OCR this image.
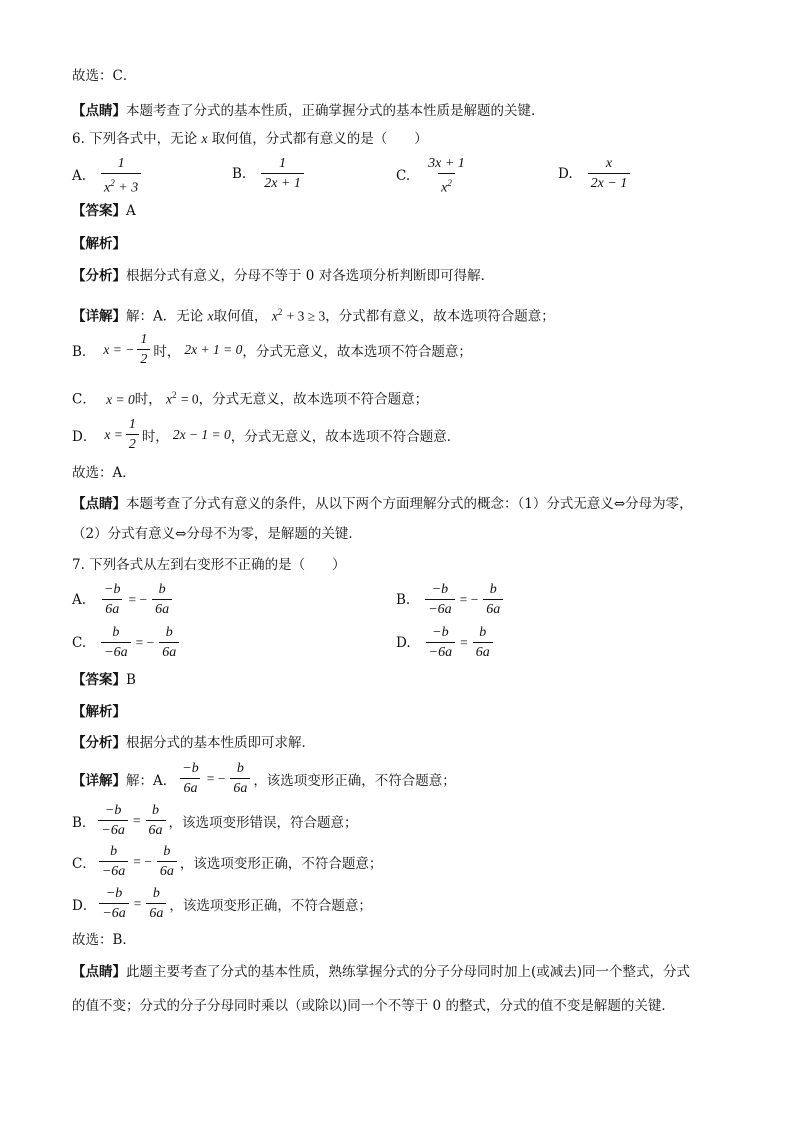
故选：C．
【点睛】本题考查了分式的基本性质，正确掌握分式的基本性质是解题的关键．
6. 下列各式中，无论 x 取何值，分式都有意义的是（　　）
A. $\frac{1}{x^2 + 3}$	B. $\frac{1}{2x + 1}$	C. $\frac{3x + 1}{x^2}$	D. $\frac{x}{2x - 1}$
【答案】A
【解析】
【分析】根据分式有意义，分母不等于 0 对各选项分析判断即可得解．
【详解】解：A．无论 x取何值， $x^2 + 3 \ge 3$，分式都有意义，故本选项符合题意；
B． x = − $\frac{1}{2}$ 时， 2x + 1 = 0 ，分式无意义，故本选项不符合题意；
C． x = 0时， $x^2 = 0$，分式无意义，故本选项不符合题意；
D． $x = \frac{1}{2}$ 时， 2x − 1 = 0 ，分式无意义，故本选项不符合题意．
故选：A．
【点睛】本题考查了分式有意义的条件，从以下两个方面理解分式的概念：（1）分式无意义⇔分母为零，
（2）分式有意义⇔分母不为零，是解题的关键．
7. 下列各式从左到右变形不正确的是（　　）
A. $\frac{-b}{6a}$ = − $\frac{b}{6a}$	B. $\frac{-b}{-6a}$ = − $\frac{b}{6a}$
C. $\frac{b}{-6a}$ = − $\frac{b}{6a}$	D. $\frac{-b}{-6a} = \frac{b}{6a}$
【答案】B
【解析】
【分析】根据分式的基本性质即可求解．
【详解】 解：A． $\frac{-b}{6a}$ = − $\frac{b}{6a}$ ，该选项变形正确，不符合题意；
B． $\frac{-b}{-6a} = \frac{b}{6a}$ ，该选项变形错误，符合题意；
C． $\frac{b}{-6a}$ = − $\frac{b}{6a}$ ，该选项变形正确，不符合题意；
D． $\frac{-b}{-6a} = \frac{b}{6a}$ ，该选项变形正确，不符合题意；
故选：B．
【点睛】此题主要考查了分式的基本性质，熟练掌握分式的分子分母同时加上(或减去)同一个整式，分式
的值不变；分式的分子分母同时乘以（或除以)同一个不等于 0 的整式，分式的值不变是解题的关键．
